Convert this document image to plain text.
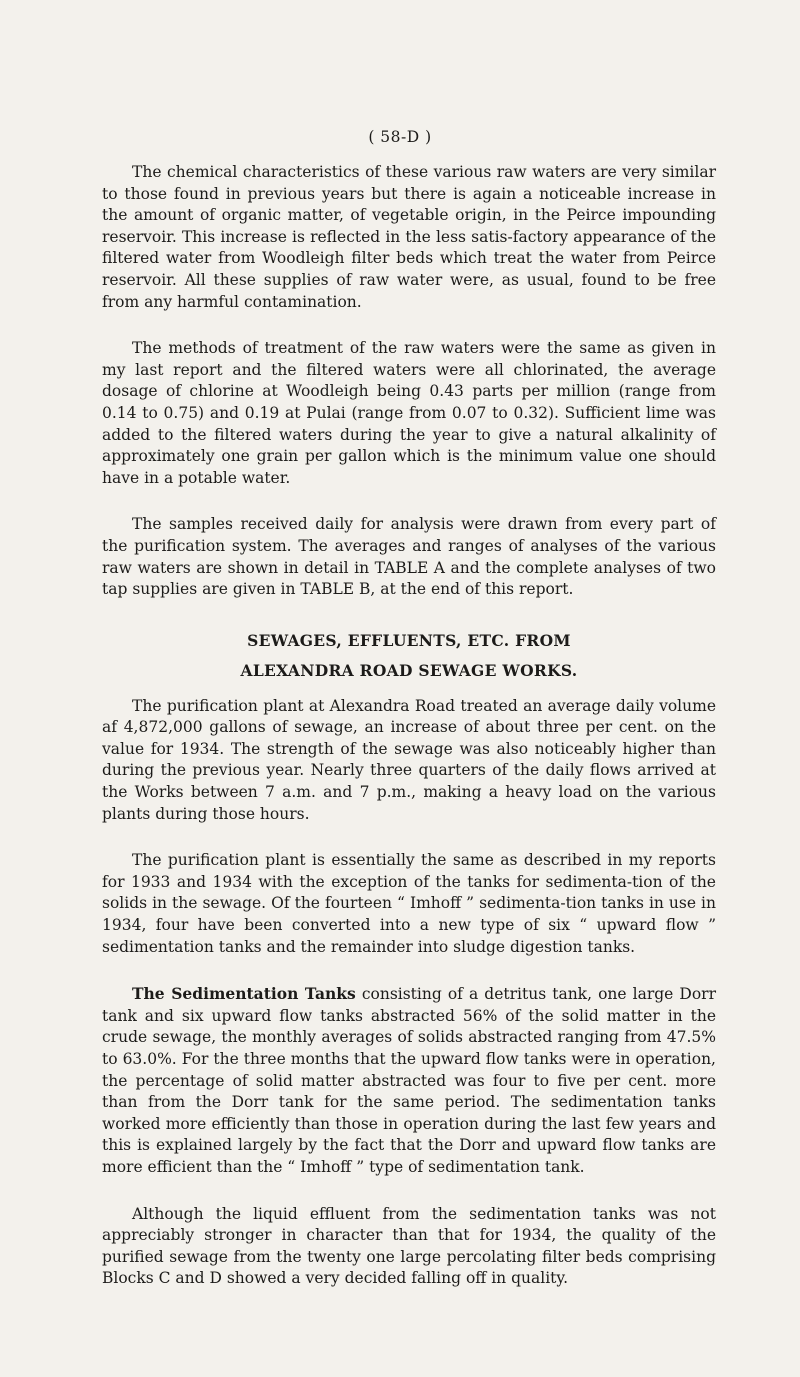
( 58-D )

The chemical characteristics of these various raw waters are very similar to those found in previous years but there is again a noticeable increase in the amount of organic matter, of vegetable origin, in the Peirce impounding reservoir. This increase is reflected in the less satis-factory appearance of the filtered water from Woodleigh filter beds which treat the water from Peirce reservoir. All these supplies of raw water were, as usual, found to be free from any harmful contamination.

The methods of treatment of the raw waters were the same as given in my last report and the filtered waters were all chlorinated, the average dosage of chlorine at Woodleigh being 0.43 parts per million (range from 0.14 to 0.75) and 0.19 at Pulai (range from 0.07 to 0.32). Sufficient lime was added to the filtered waters during the year to give a natural alkalinity of approximately one grain per gallon which is the minimum value one should have in a potable water.

The samples received daily for analysis were drawn from every part of the purification system. The averages and ranges of analyses of the various raw waters are shown in detail in TABLE A and the complete analyses of two tap supplies are given in TABLE B, at the end of this report.

SEWAGES, EFFLUENTS, ETC. FROM
ALEXANDRA ROAD SEWAGE WORKS.

The purification plant at Alexandra Road treated an average daily volume af 4,872,000 gallons of sewage, an increase of about three per cent. on the value for 1934. The strength of the sewage was also noticeably higher than during the previous year. Nearly three quarters of the daily flows arrived at the Works between 7 a.m. and 7 p.m., making a heavy load on the various plants during those hours.

The purification plant is essentially the same as described in my reports for 1933 and 1934 with the exception of the tanks for sedimenta-tion of the solids in the sewage. Of the fourteen “ Imhoff ” sedimenta-tion tanks in use in 1934, four have been converted into a new type of six “ upward flow ” sedimentation tanks and the remainder into sludge digestion tanks.

The Sedimentation Tanks consisting of a detritus tank, one large Dorr tank and six upward flow tanks abstracted 56% of the solid matter in the crude sewage, the monthly averages of solids abstracted ranging from 47.5% to 63.0%. For the three months that the upward flow tanks were in operation, the percentage of solid matter abstracted was four to five per cent. more than from the Dorr tank for the same period. The sedimentation tanks worked more efficiently than those in operation during the last few years and this is explained largely by the fact that the Dorr and upward flow tanks are more efficient than the “ Imhoff ” type of sedimentation tank.

Although the liquid effluent from the sedimentation tanks was not appreciably stronger in character than that for 1934, the quality of the purified sewage from the twenty one large percolating filter beds comprising Blocks C and D showed a very decided falling off in quality.
